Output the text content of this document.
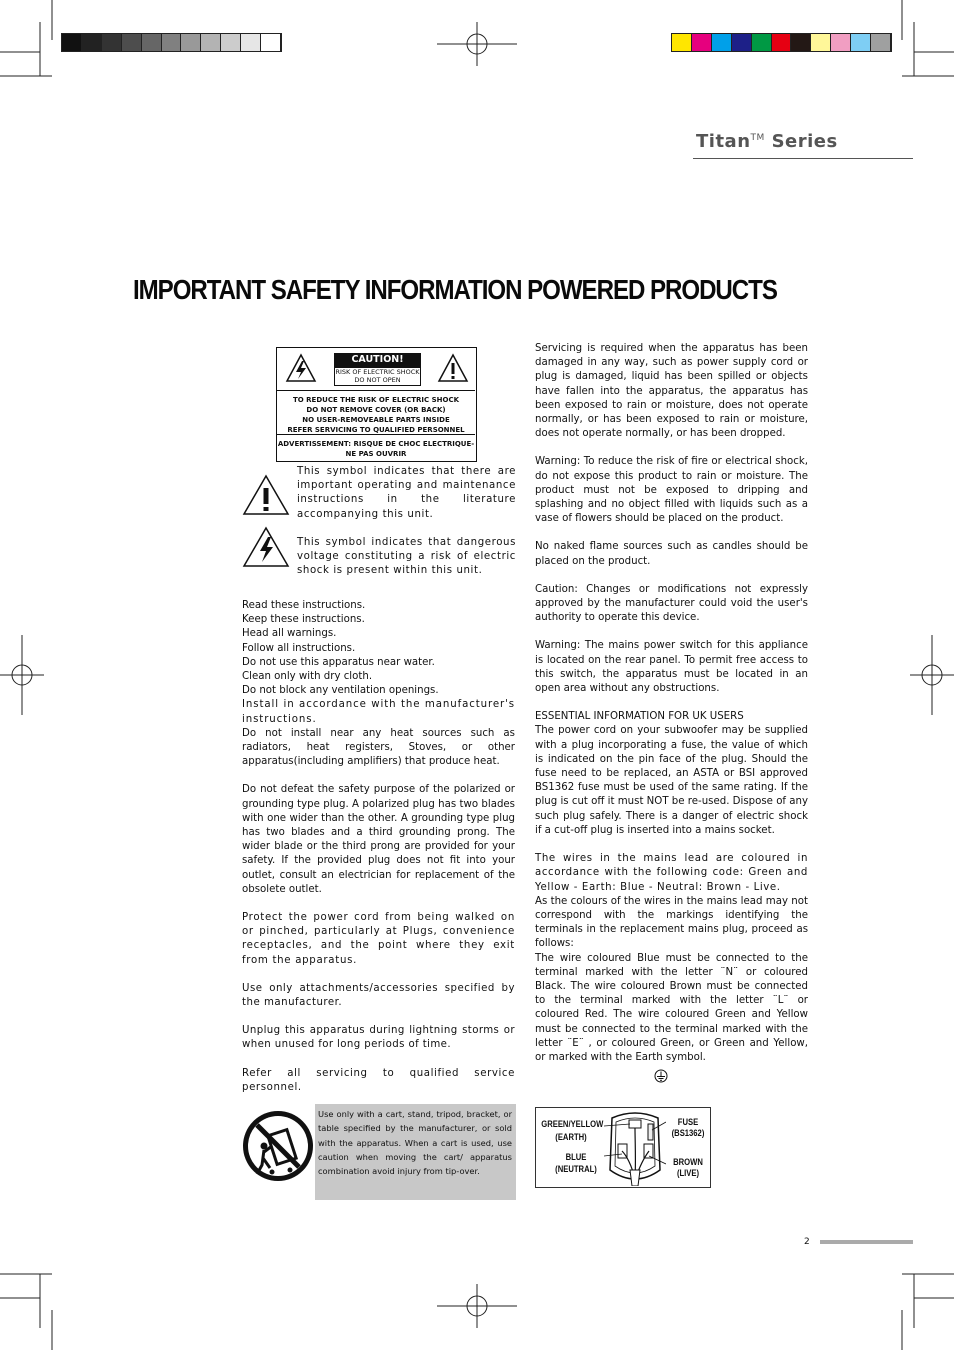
Titan™ Series
IMPORTANT SAFETY INFORMATION POWERED PRODUCTS
CAUTION!
RISK OF ELECTRIC SHOCK
DO NOT OPEN
TO REDUCE THE RISK OF ELECTRIC SHOCK
DO NOT REMOVE COVER (OR BACK)
NO USER-REMOVEABLE PARTS INSIDE
REFER SERVICING TO QUALIFIED PERSONNEL
ADVERTISSEMENT: RISQUE DE CHOC ELECTRIQUE-
NE PAS OUVRIR
This symbol indicates that there are important operating and maintenance instructions in the literature accompanying this unit.
This symbol indicates that dangerous voltage constituting a risk of electric shock is present within this unit.
Read these instructions.
Keep these instructions.
Head all warnings.
Follow all instructions.
Do not use this apparatus near water.
Clean only with dry cloth.
Do not block any ventilation openings.
Install in accordance with the manufacturer's instructions.
Do not install near any heat sources such as radiators, heat registers, Stoves, or other apparatus(including amplifiers) that produce heat.
Do not defeat the safety purpose of the polarized or grounding type plug. A polarized plug has two blades with one wider than the other. A grounding type plug has two blades and a third grounding prong. The wider blade or the third prong are provided for your safety. If the provided plug does not fit into your outlet, consult an electrician for replacement of the obsolete outlet.
Protect the power cord from being walked on or pinched, particularly at Plugs, convenience receptacles, and the point where they exit from the apparatus.
Use only attachments/accessories specified by the manufacturer.
Unplug this apparatus during lightning storms or when unused for long periods of time.
Refer all servicing to qualified service personnel.
Use only with a cart, stand, tripod, bracket, or table specified by the manufacturer, or sold with the apparatus. When a cart is used, use caution when moving the cart/ apparatus combination avoid injury from tip-over.
Servicing is required when the apparatus has been damaged in any way, such as power supply cord or plug is damaged, liquid has been spilled or objects have fallen into the apparatus, the apparatus has been exposed to rain or moisture, does not operate normally, or has been exposed to rain or moisture, does not operate normally, or has been dropped.
Warning: To reduce the risk of fire or electrical shock, do not expose this product to rain or moisture. The product must not be exposed to dripping and splashing and no object filled with liquids such as a vase of flowers should be placed on the product.
No naked flame sources such as candles should be placed on the product.
Caution: Changes or modifications not expressly approved by the manufacturer could void the user's authority to operate this device.
Warning: The mains power switch for this appliance is located on the rear panel. To permit free access to this switch, the apparatus must be located in an open area without any obstructions.
ESSENTIAL INFORMATION FOR UK USERS
The power cord on your subwoofer may be supplied with a plug incorporating a fuse, the value of which is indicated on the pin face of the plug. Should the fuse need to be replaced, an ASTA or BSI approved BS1362 fuse must be used of the same rating. If the plug is cut off it must NOT be re-used. Dispose of any such plug safely. There is a danger of electric shock if a cut-off plug is inserted into a mains socket.
The wires in the mains lead are coloured in accordance with the following code: Green and Yellow - Earth: Blue - Neutral: Brown - Live.
As the colours of the wires in the mains lead may not correspond with the markings identifying the terminals in the replacement mains plug, proceed as follows:
The wire coloured Blue must be connected to the terminal marked with the letter ¨N¨ or coloured Black. The wire coloured Brown must be connected to the terminal marked with the letter ¨L¨ or coloured Red. The wire coloured Green and Yellow must be connected to the terminal marked with the letter ¨E¨ , or coloured Green, or Green and Yellow, or marked with the Earth symbol.
GREEN/YELLOW
(EARTH)
BLUE
(NEUTRAL)
FUSE
(BS1362)
BROWN
(LIVE)
2
